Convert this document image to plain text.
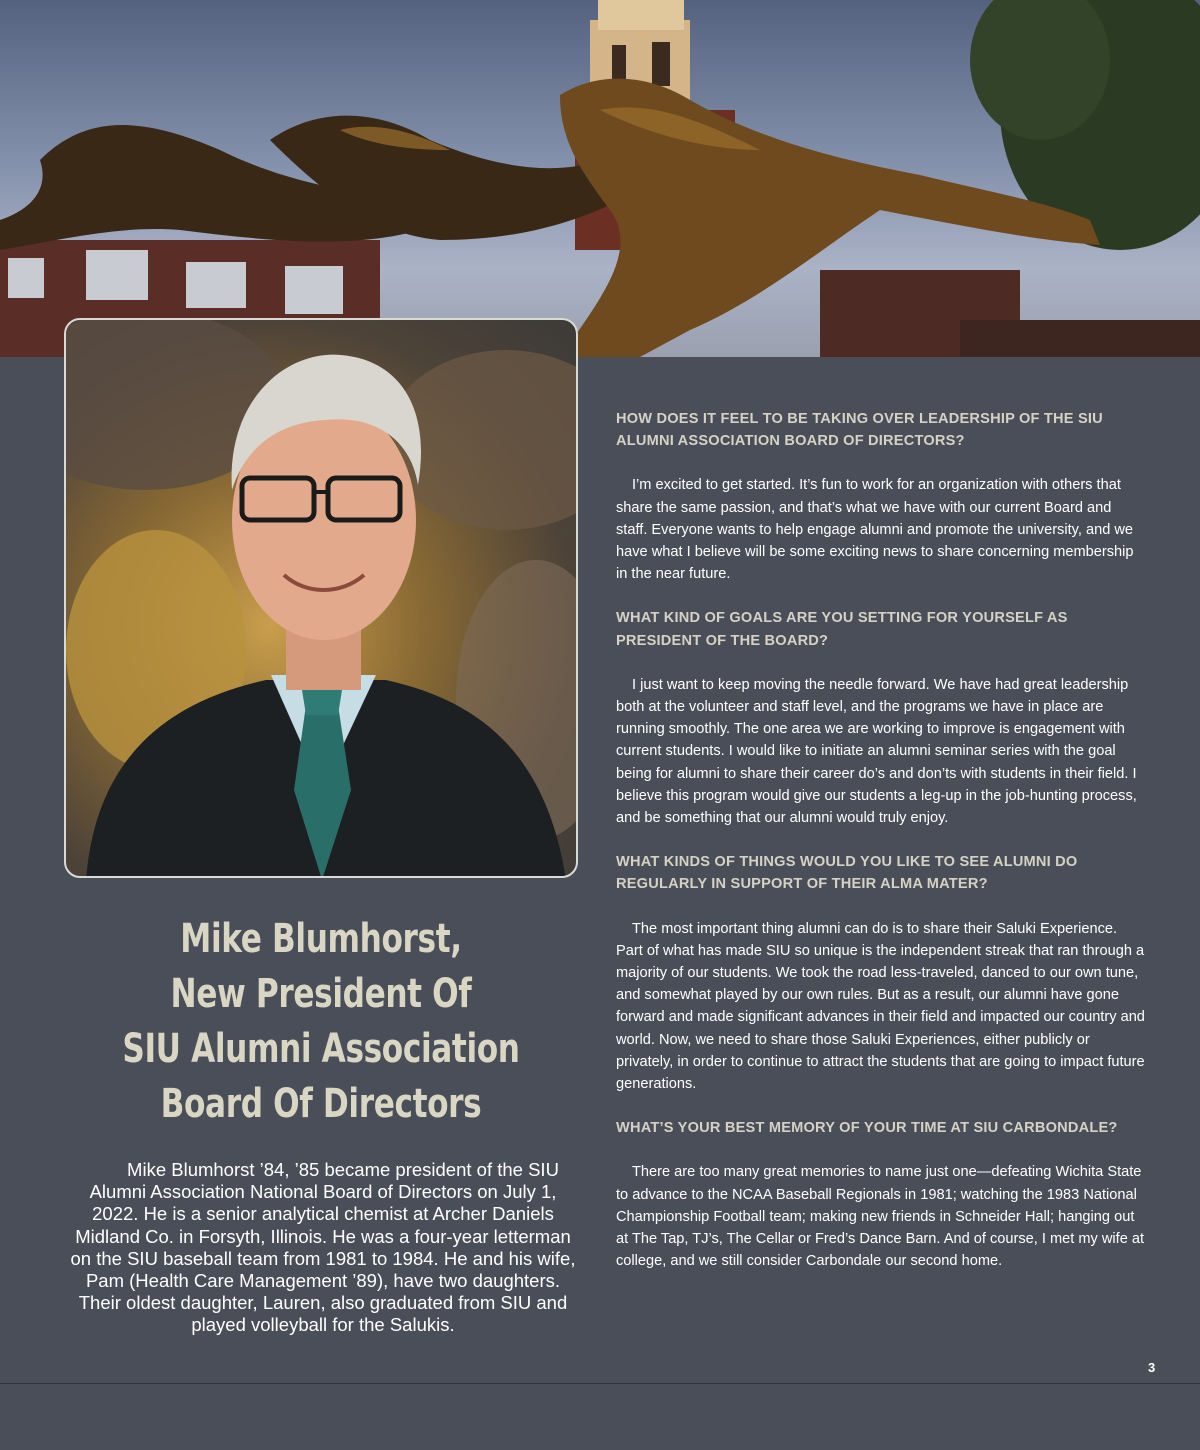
Mike Blumhorst,
New President Of
SIU Alumni Association
Board Of Directors
Mike Blumhorst ’84, ’85 became president of the SIU Alumni Association National Board of Directors on July 1, 2022. He is a senior analytical chemist at Archer Daniels Midland Co. in Forsyth, Illinois. He was a four-year letterman on the SIU baseball team from 1981 to 1984. He and his wife, Pam (Health Care Management ’89), have two daughters. Their oldest daughter, Lauren, also graduated from SIU and played volleyball for the Salukis.
HOW DOES IT FEEL TO BE TAKING OVER LEADERSHIP OF THE SIU ALUMNI ASSOCIATION BOARD OF DIRECTORS?
I’m excited to get started. It’s fun to work for an organization with others that share the same passion, and that’s what we have with our current Board and staff. Everyone wants to help engage alumni and promote the university, and we have what I believe will be some exciting news to share concerning membership in the near future.
WHAT KIND OF GOALS ARE YOU SETTING FOR YOURSELF AS PRESIDENT OF THE BOARD?
I just want to keep moving the needle forward. We have had great leadership both at the volunteer and staff level, and the programs we have in place are running smoothly. The one area we are working to improve is engagement with current students. I would like to initiate an alumni seminar series with the goal being for alumni to share their career do’s and don’ts with students in their field. I believe this program would give our students a leg-up in the job-hunting process, and be something that our alumni would truly enjoy.
WHAT KINDS OF THINGS WOULD YOU LIKE TO SEE ALUMNI DO REGULARLY IN SUPPORT OF THEIR ALMA MATER?
The most important thing alumni can do is to share their Saluki Experience. Part of what has made SIU so unique is the independent streak that ran through a majority of our students. We took the road less-traveled, danced to our own tune, and somewhat played by our own rules. But as a result, our alumni have gone forward and made significant advances in their field and impacted our country and world. Now, we need to share those Saluki Experiences, either publicly or privately, in order to continue to attract the students that are going to impact future generations.
WHAT’S YOUR BEST MEMORY OF YOUR TIME AT SIU CARBONDALE?
There are too many great memories to name just one—defeating Wichita State to advance to the NCAA Baseball Regionals in 1981; watching the 1983 National Championship Football team; making new friends in Schneider Hall; hanging out at The Tap, TJ’s, The Cellar or Fred’s Dance Barn. And of course, I met my wife at college, and we still consider Carbondale our second home.
3
